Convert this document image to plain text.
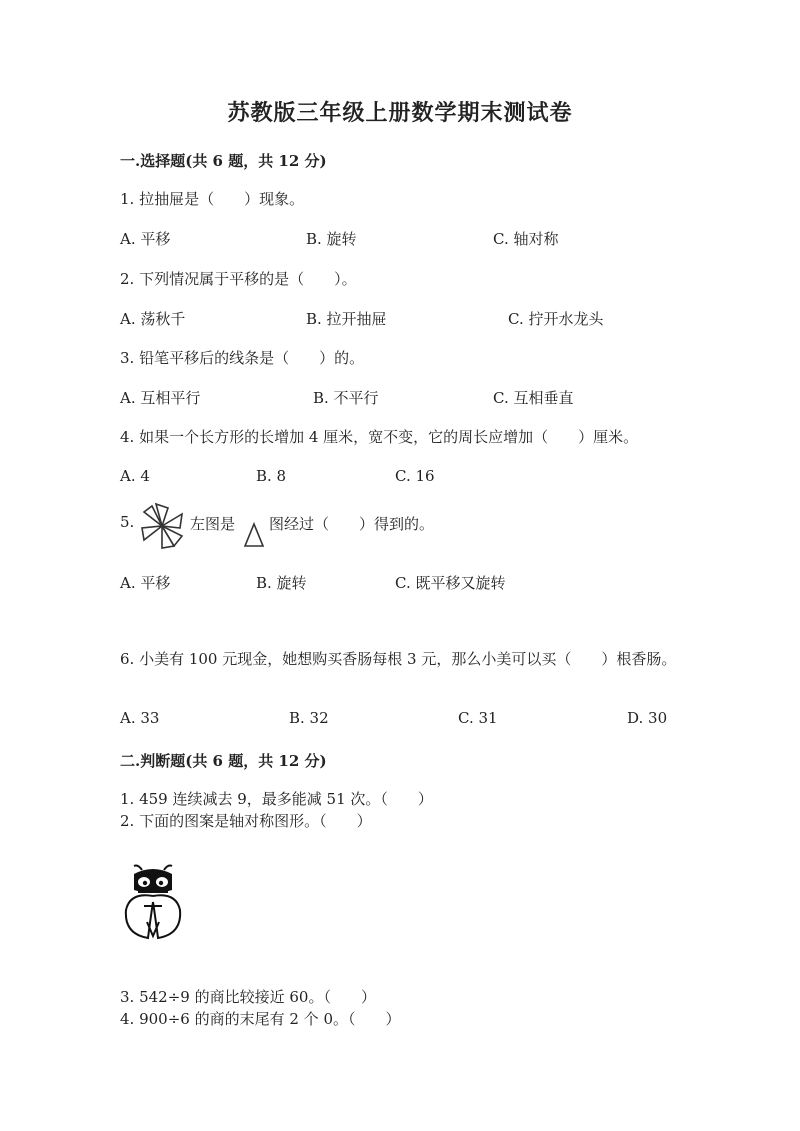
苏教版三年级上册数学期末测试卷
一.选择题(共 6 题，共 12 分)
1. 拉抽屉是（　　）现象。
A. 平移	B. 旋转	C. 轴对称
2. 下列情况属于平移的是（　　）。
A. 荡秋千	B. 拉开抽屉	C. 拧开水龙头
3. 铅笔平移后的线条是（　　）的。
A. 互相平行	B. 不平行	C. 互相垂直
4. 如果一个长方形的长增加 4 厘米，宽不变，它的周长应增加（　　）厘米。
A. 4	B. 8	C. 16
5.	左图是 图经过（　　）得到的。
A. 平移	B. 旋转	C. 既平移又旋转
6. 小美有 100 元现金，她想购买香肠每根 3 元，那么小美可以买（　　）根香肠。
A. 33	B. 32	C. 31	D. 30
二.判断题(共 6 题，共 12 分)
1. 459 连续减去 9，最多能减 51 次。（　　）
2. 下面的图案是轴对称图形。（　　）
3. 542÷9 的商比较接近 60。（　　）
4. 900÷6 的商的末尾有 2 个 0。（　　）
